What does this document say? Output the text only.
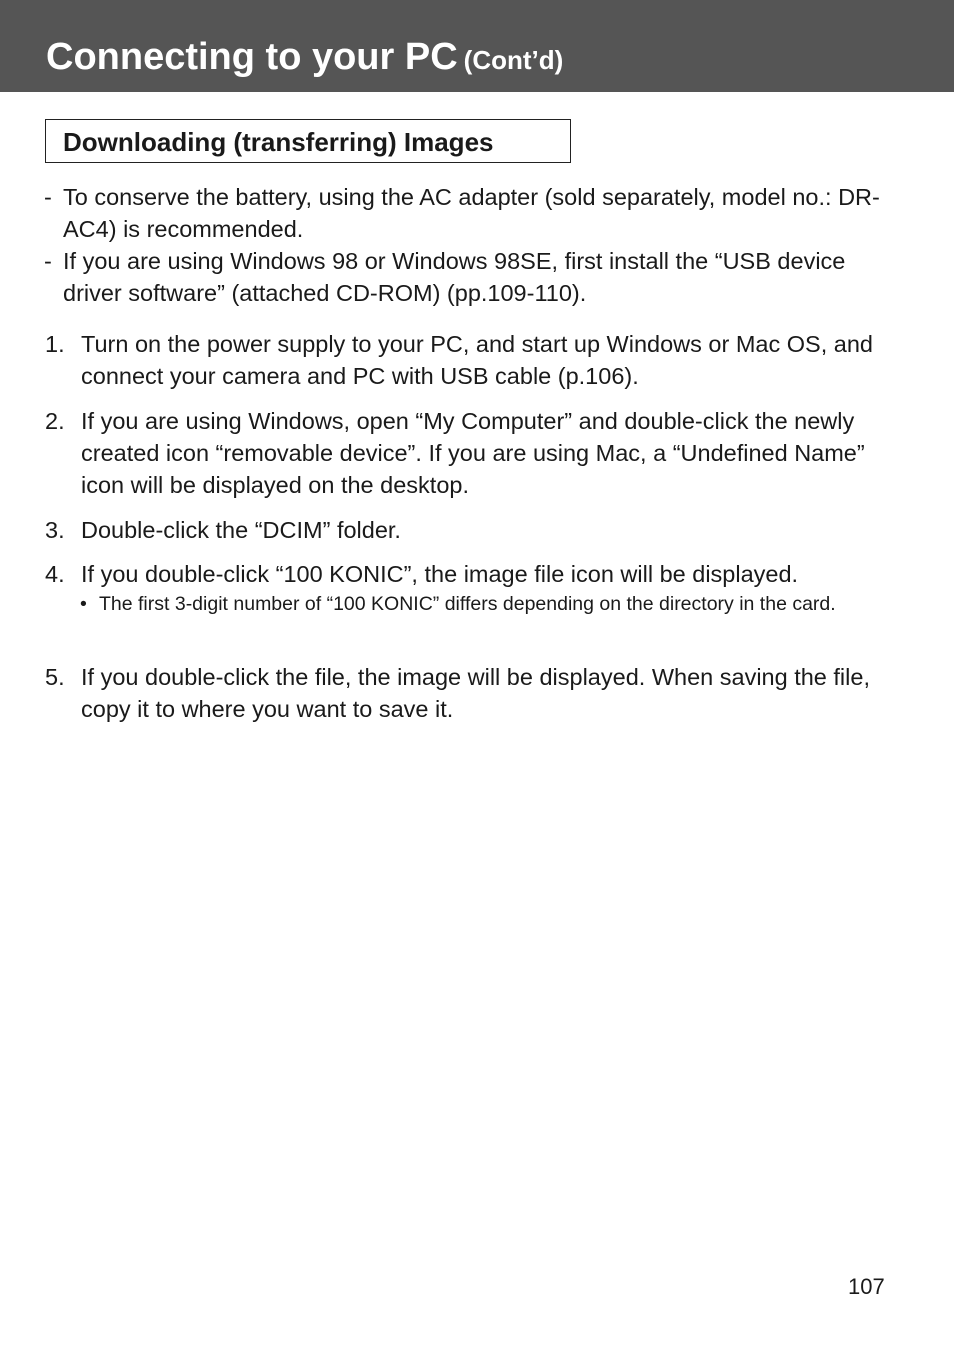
Connecting to your PC (Cont’d)
Downloading (transferring) Images
- To conserve the battery, using the AC adapter (sold separately, model no.: DR-AC4) is recommended.
- If you are using Windows 98 or Windows 98SE, first install the “USB device driver software” (attached CD-ROM) (pp.109-110).
1. Turn on the power supply to your PC, and start up Windows or Mac OS, and connect your camera and PC with USB cable (p.106).
2. If you are using Windows, open “My Computer” and double-click the newly created icon “removable device”. If you are using Mac, a “Undefined Name” icon will be displayed on the desktop.
3. Double-click the “DCIM” folder.
4. If you double-click “100 KONIC”, the image file icon will be displayed.
• The first 3-digit number of “100 KONIC” differs depending on the directory in the card.
5. If you double-click the file, the image will be displayed. When saving the file, copy it to where you want to save it.
107
